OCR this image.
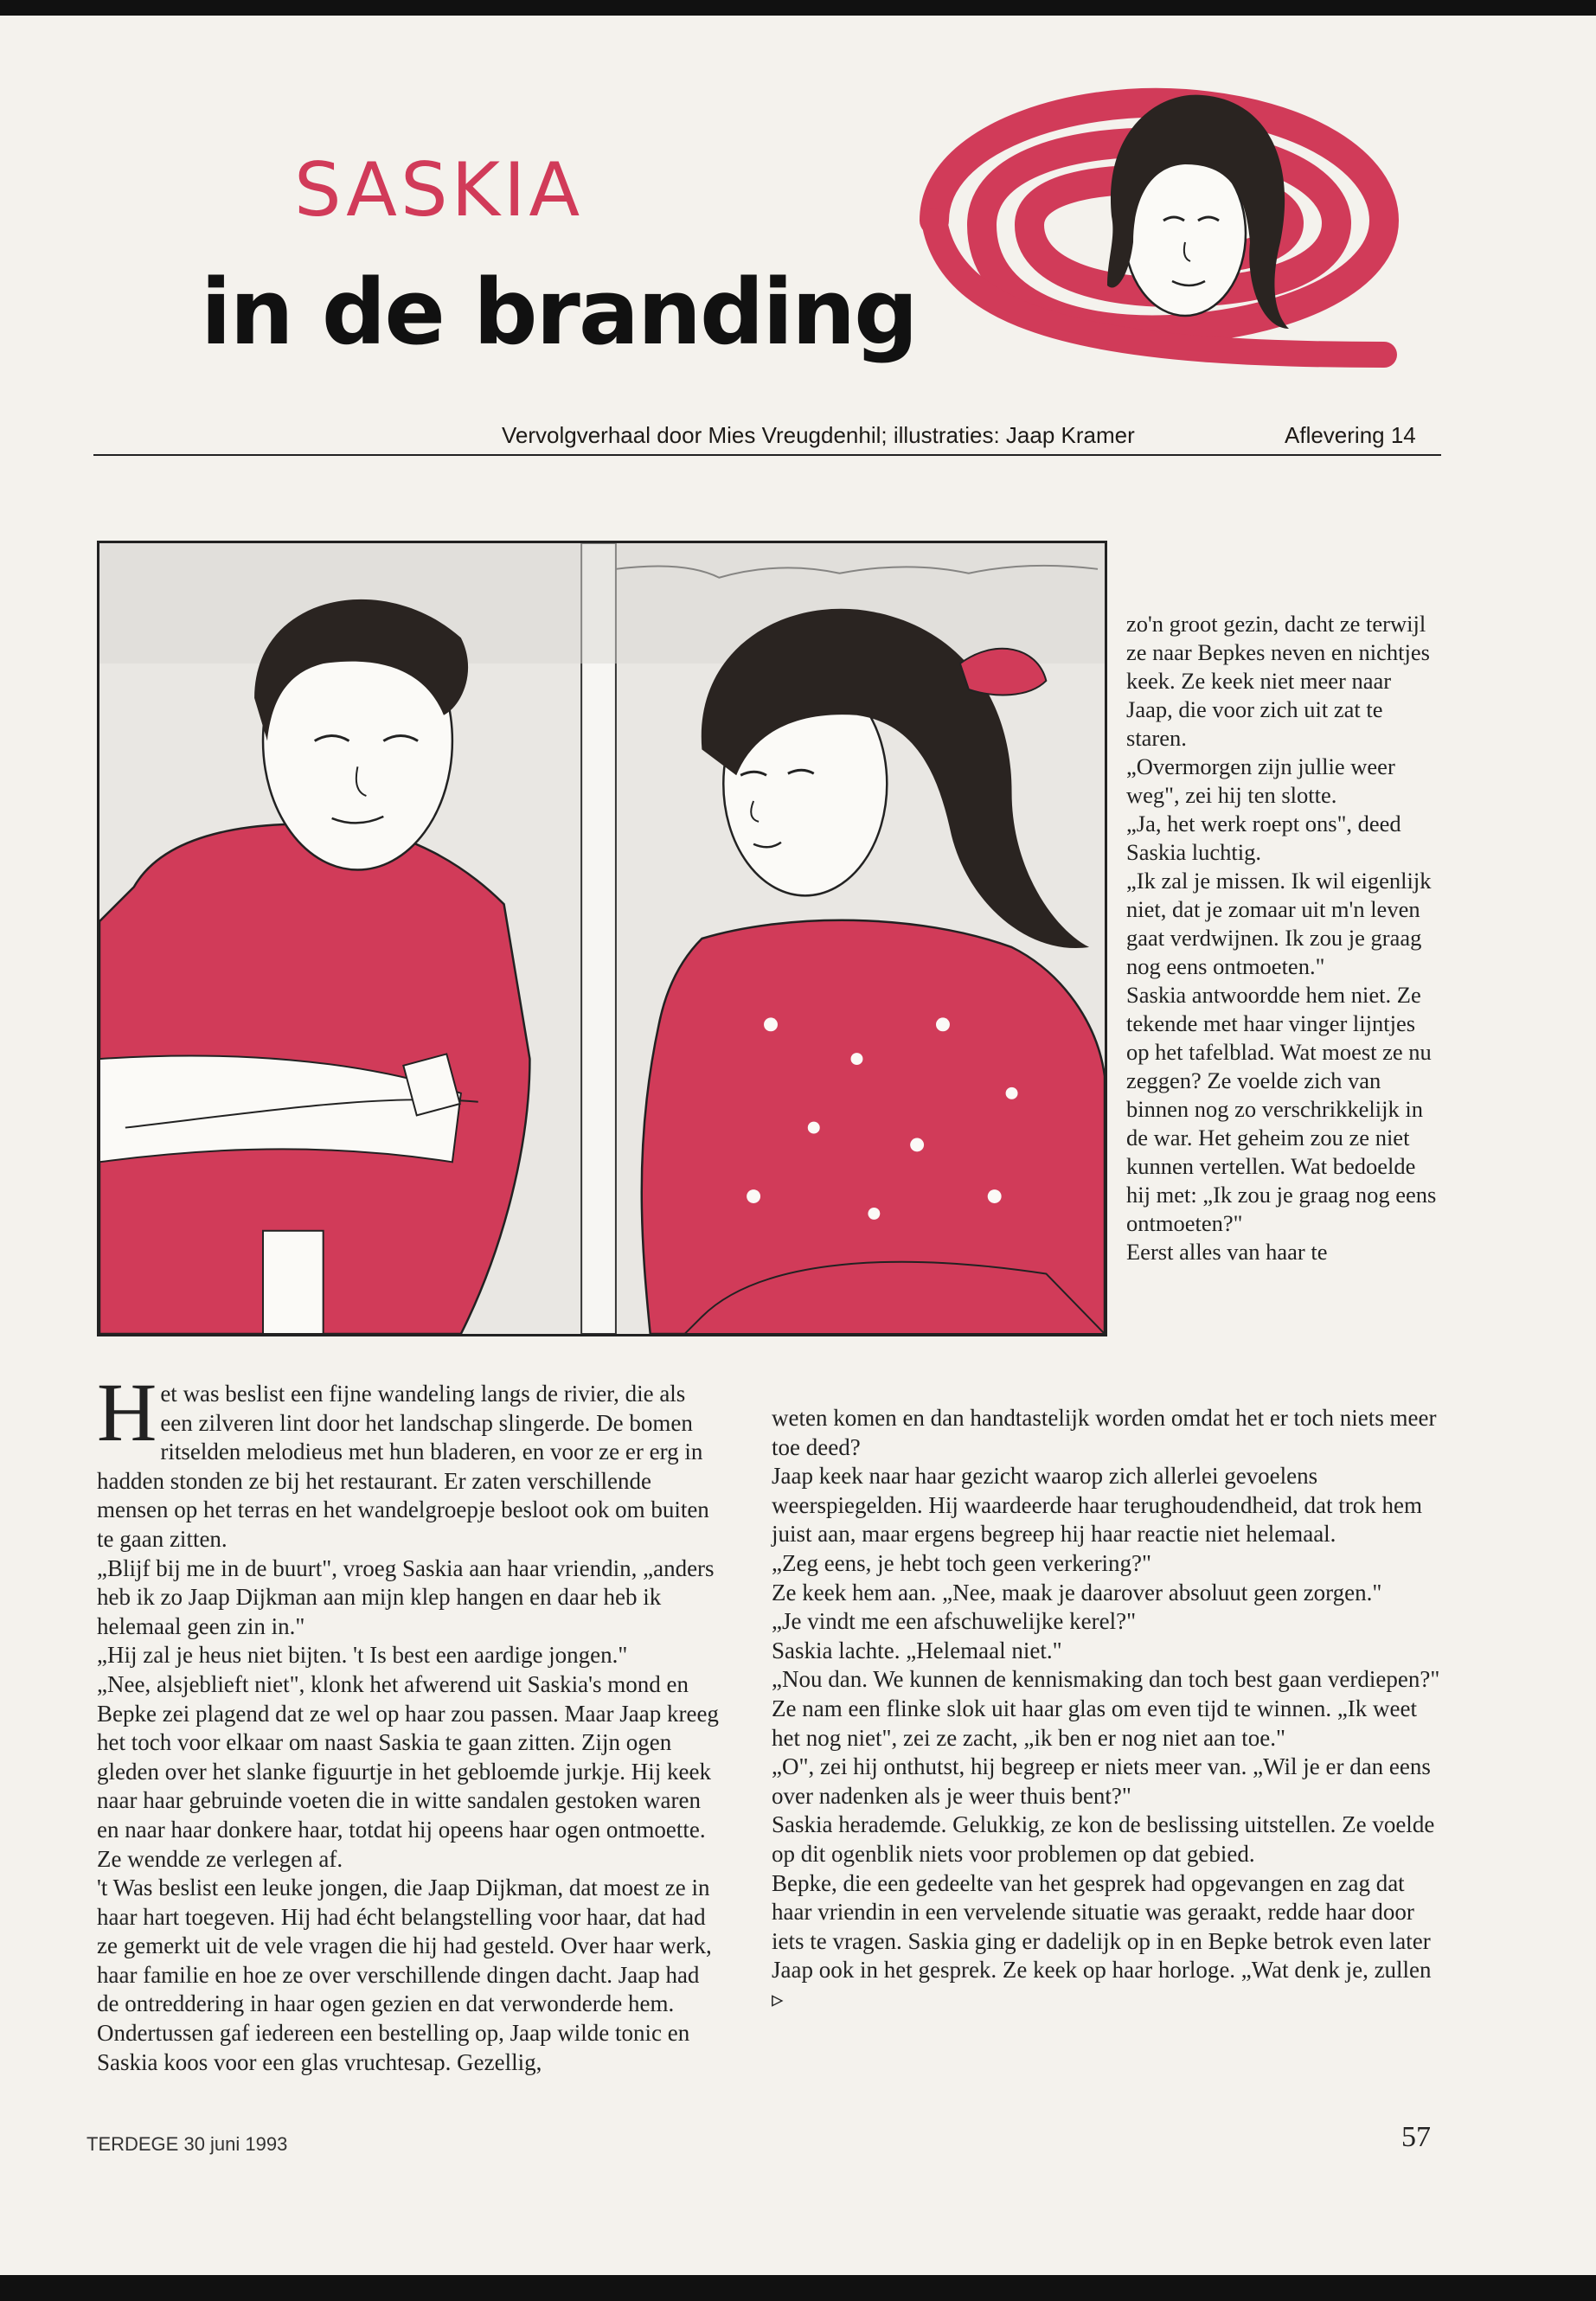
SASKIA
in de branding
Vervolgverhaal door Mies Vreugdenhil; illustraties: Jaap Kramer	Aflevering 14

zo'n groot gezin, dacht ze terwijl ze naar Bepkes neven en nichtjes keek. Ze keek niet meer naar Jaap, die voor zich uit zat te staren.

„Overmorgen zijn jullie weer weg", zei hij ten slotte.

„Ja, het werk roept ons", deed Saskia luchtig.

„Ik zal je missen. Ik wil eigenlijk niet, dat je zomaar uit m'n leven gaat verdwijnen. Ik zou je graag nog eens ontmoeten."

Saskia antwoordde hem niet. Ze tekende met haar vinger lijntjes op het tafelblad. Wat moest ze nu zeggen? Ze voelde zich van binnen nog zo verschrikkelijk in de war. Het geheim zou ze niet kunnen vertellen. Wat bedoelde hij met: „Ik zou je graag nog eens ontmoeten?"

Eerst alles van haar te

Het was beslist een fijne wandeling langs de rivier, die als een zilveren lint door het landschap slingerde. De bomen ritselden melodieus met hun bladeren, en voor ze er erg in hadden stonden ze bij het restaurant. Er zaten verschillende mensen op het terras en het wandelgroepje besloot ook om buiten te gaan zitten.

„Blijf bij me in de buurt", vroeg Saskia aan haar vriendin, „anders heb ik zo Jaap Dijkman aan mijn klep hangen en daar heb ik helemaal geen zin in."

„Hij zal je heus niet bijten. 't Is best een aardige jongen."

„Nee, alsjeblieft niet", klonk het afwerend uit Saskia's mond en Bepke zei plagend dat ze wel op haar zou passen. Maar Jaap kreeg het toch voor elkaar om naast Saskia te gaan zitten. Zijn ogen gleden over het slanke figuurtje in het gebloemde jurkje. Hij keek naar haar gebruinde voeten die in witte sandalen gestoken waren en naar haar donkere haar, totdat hij opeens haar ogen ontmoette. Ze wendde ze verlegen af.

't Was beslist een leuke jongen, die Jaap Dijkman, dat moest ze in haar hart toegeven. Hij had écht belangstelling voor haar, dat had ze gemerkt uit de vele vragen die hij had gesteld. Over haar werk, haar familie en hoe ze over verschillende dingen dacht. Jaap had de ontreddering in haar ogen gezien en dat verwonderde hem. Ondertussen gaf iedereen een bestelling op, Jaap wilde tonic en Saskia koos voor een glas vruchtesap. Gezellig,

weten komen en dan handtastelijk worden omdat het er toch niets meer toe deed?

Jaap keek naar haar gezicht waarop zich allerlei gevoelens weerspiegelden. Hij waardeerde haar terughoudendheid, dat trok hem juist aan, maar ergens begreep hij haar reactie niet helemaal.

„Zeg eens, je hebt toch geen verkering?"

Ze keek hem aan. „Nee, maak je daarover absoluut geen zorgen."

„Je vindt me een afschuwelijke kerel?"

Saskia lachte. „Helemaal niet."

„Nou dan. We kunnen de kennismaking dan toch best gaan verdiepen?"

Ze nam een flinke slok uit haar glas om even tijd te winnen. „Ik weet het nog niet", zei ze zacht, „ik ben er nog niet aan toe."

„O", zei hij onthutst, hij begreep er niets meer van. „Wil je er dan eens over nadenken als je weer thuis bent?"

Saskia herademde. Gelukkig, ze kon de beslissing uitstellen. Ze voelde op dit ogenblik niets voor problemen op dat gebied.

Bepke, die een gedeelte van het gesprek had opgevangen en zag dat haar vriendin in een vervelende situatie was geraakt, redde haar door iets te vragen. Saskia ging er dadelijk op in en Bepke betrok even later Jaap ook in het gesprek. Ze keek op haar horloge. „Wat denk je, zullen ▹

TERDEGE 30 juni 1993	57
